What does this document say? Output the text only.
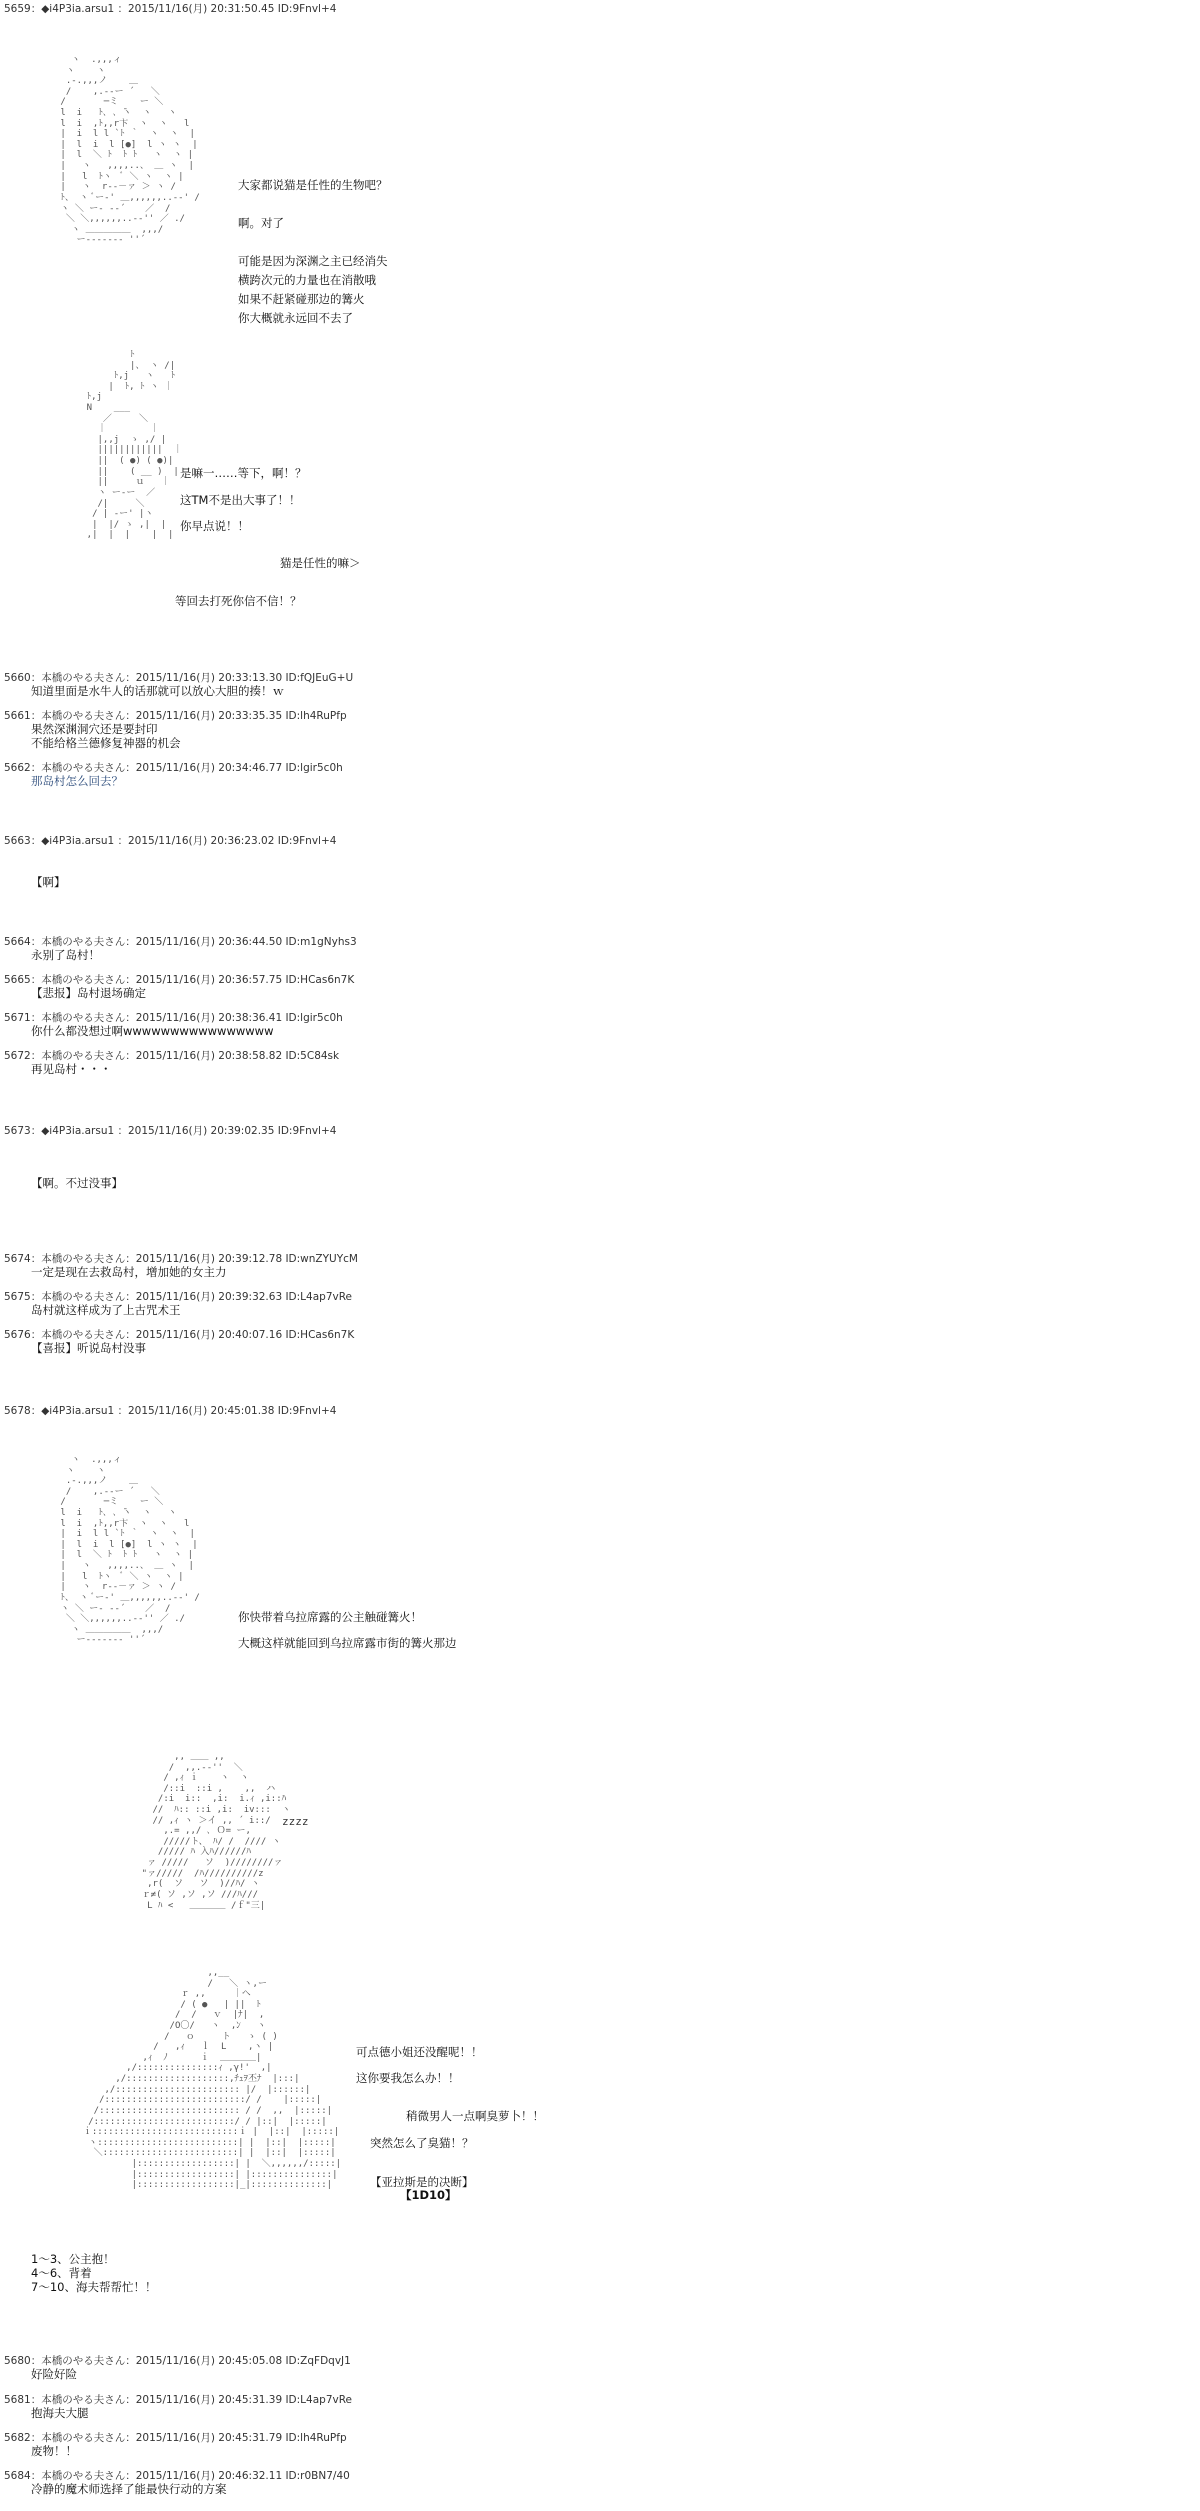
5659：◆i4P3ia.arsu1 ：2015/11/16(月) 20:31:50.45 ID:9Fnvl+4
ヽ  .,,,ィ
ヽ    ヽ
.-.,,,ノ    ＿
/    ,.-‐ー ´   ＼
/       ─ミ    ー ＼
l  i   ﾄ､ ､ ̄ヽ  ヽ   ヽ
l  i  ,ﾄ,,r卞  ヽ  ヽ   l
|  i  l l `ﾄ ｀  ヽ  ヽ  |
|  l  i  l [●]  l ヽ ヽ  |
|  l  ＼ ﾄ  ﾄ ﾄ   ヽ  ヽ |
|   ヽ   ,,,,..、 ＿ ヽ  |
|   l  ﾄヽ  ﾞ ＼ ヽ  ヽ |
|   ヽ  r‐‐－ァ ＞ ヽ /
ﾄ、 ヽ ﾞー‐' ＿,,,,,,..-‐' /
ヽ ＼ ー‐ ‐‐´ 　 ／  /
＼ ＼,,,,,,..-‐'' ／ ./
ヽ ＿＿＿＿＿  ,,,/
ー‐‐‐‐‐‐‐ ''´

大家都说猫是任性的生物吧？

啊。对了

可能是因为深渊之主已经消失
横跨次元的力量也在消散哦
如果不赶紧碰那边的篝火
你大概就永远回不去了
ﾄ
|、 ヽ /|
ﾄ,j   ヽ   ﾄ
|  ﾄ, ﾄ ヽ ｜
ﾄ,j
N    ___
／     ＼
｜        ｜
|,,j  ゝ ,/ |
||||||||||||  ｜
||  ( ●) ( ●)|
||    ( __ )  |
||     ｕ   ｜
ヽ ー-ー  ／
/|     ＼
/ | -ー' |ヽ
|  |/ ゝ ,|  |
,|  |  |    |  |
是嘛一……等下，啊！？
这TM不是出大事了！！
你早点说！！
猫是任性的嘛＞
等回去打死你信不信！？
5660：本橋のやる夫さん：2015/11/16(月) 20:33:13.30 ID:fQJEuG+U
知道里面是水牛人的话那就可以放心大胆的揍！ｗ
5661：本橋のやる夫さん：2015/11/16(月) 20:33:35.35 ID:lh4RuPfp
果然深渊洞穴还是要封印
不能给格兰德修复神器的机会
5662：本橋のやる夫さん：2015/11/16(月) 20:34:46.77 ID:lgir5c0h
那岛村怎么回去？
5663：◆i4P3ia.arsu1 ：2015/11/16(月) 20:36:23.02 ID:9Fnvl+4
【啊】
5664：本橋のやる夫さん：2015/11/16(月) 20:36:44.50 ID:m1gNyhs3
永别了岛村！
5665：本橋のやる夫さん：2015/11/16(月) 20:36:57.75 ID:HCas6n7K
【悲报】岛村退场确定
5671：本橋のやる夫さん：2015/11/16(月) 20:38:36.41 ID:lgir5c0h
你什么都没想过啊wwwwwwwwwwwwwwww
5672：本橋のやる夫さん：2015/11/16(月) 20:38:58.82 ID:5C84sk
再见岛村・・・
5673：◆i4P3ia.arsu1 ：2015/11/16(月) 20:39:02.35 ID:9Fnvl+4
【啊。不过没事】
5674：本橋のやる夫さん：2015/11/16(月) 20:39:12.78 ID:wnZYUYcM
一定是现在去救岛村，增加她的女主力
5675：本橋のやる夫さん：2015/11/16(月) 20:39:32.63 ID:L4ap7vRe
岛村就这样成为了上古咒术王
5676：本橋のやる夫さん：2015/11/16(月) 20:40:07.16 ID:HCas6n7K
【喜报】听说岛村没事
5678：◆i4P3ia.arsu1 ：2015/11/16(月) 20:45:01.38 ID:9Fnvl+4
ヽ  .,,,ィ
ヽ    ヽ
.-.,,,ノ    ＿
/    ,.-‐ー ´   ＼
/       ─ミ    ー ＼
l  i   ﾄ､ ､ ̄ヽ  ヽ   ヽ
l  i  ,ﾄ,,r卞  ヽ  ヽ   l
|  i  l l `ﾄ ｀  ヽ  ヽ  |
|  l  i  l [●]  l ヽ ヽ  |
|  l  ＼ ﾄ  ﾄ ﾄ   ヽ  ヽ |
|   ヽ   ,,,,..、 ＿ ヽ  |
|   l  ﾄヽ  ﾞ ＼ ヽ  ヽ |
|   ヽ  r‐‐－ァ ＞ ヽ /
ﾄ、 ヽ ﾞー‐' ＿,,,,,,..-‐' /
ヽ ＼ ー‐ ‐‐´ 　 ／  /
＼ ＼,,,,,,..-‐'' ／ ./
ヽ ＿＿＿＿＿  ,,,/
ー‐‐‐‐‐‐‐ ''´
你快带着乌拉席露的公主触碰篝火！
大概这样就能回到乌拉席露市街的篝火那边
,, ＿＿ ,,
/  ,,.-‐''  ＼
/ ,ｨ ｉ    ヽ  ヽ
/::i  ::i ,    ,,  ハ
/:i  i::  ,i:  i.ｨ ,i::ﾊ
//  ﾊ:: ::i ,i:  iv:::  ヽ
// ,ｨ ヽ ＞イ ,, ´ i::/
,.= ,,/ ､ Ｏ= ー,
/////ト、 ﾊ/ /  //// ヽ
///// ﾊ 入ﾊ//////ﾊ
ァ /////   ソ  )////////ァ
"ァ/////  /ﾊ//////////z
,r(  ソ   ソ  )//ﾊ/ ヽ
ｒ≠( ソ ,ソ ,ソ ///ﾊ///
L ﾊ <   ＿＿＿＿ /ｆ"三|
zzzz
,,__
/   ＼ ヽ,ー
ｒ ,,     ｜ヘ
/ ( ●   | ||  ﾄ
/  /   ｖ  |ﾅ|  ,
/O〇/   ヽ  ,ﾝ   ヽ
/   ｏ     ト   ゝ ( )
/   ,ｨ   ｌ  L    ,ヽ |
,ｨ  ﾉ      ｉ  ＿＿＿＿|
,/:::::::::::::::ｨ ,γ!'  ,|
,/:::::::::::::::::::,ﾁｭｦ丕ﾅ  |:::|
,/::::::::::::::::::::::: |/  |::::::|
/::::::::::::::::::::::::::/ /    |:::::|
/:::::::::::::::::::::::::: / /  ,,  |:::::|
/::::::::::::::::::::::::::/ / |::|  |:::::|
ｉ:::::::::::::::::::::::::::ｉ |  |::|  |:::::|
ヽ::::::::::::::::::::::::::| |  |::|  |:::::|
＼:::::::::::::::::::::::::| |  |::|  |:::::|
|::::::::::::::::::| |  ＼,,,,,,/:::::|
|::::::::::::::::::| |:::::::::::::::|
|::::::::::::::::::|_|::::::::::::::|
可点德小姐还没醒呢！！
这你要我怎么办！！
稍微男人一点啊臭萝卜！！
突然怎么了臭猫！？
【亚拉斯是的决断】
【1D10】
1〜3、公主抱！
4〜6、背着
7〜10、海夫帮帮忙！！
5680：本橋のやる夫さん：2015/11/16(月) 20:45:05.08 ID:ZqFDqvJ1
好险好险
5681：本橋のやる夫さん：2015/11/16(月) 20:45:31.39 ID:L4ap7vRe
抱海夫大腿
5682：本橋のやる夫さん：2015/11/16(月) 20:45:31.79 ID:lh4RuPfp
废物！！
5684：本橋のやる夫さん：2015/11/16(月) 20:46:32.11 ID:r0BN7/40
冷静的魔术师选择了能最快行动的方案
